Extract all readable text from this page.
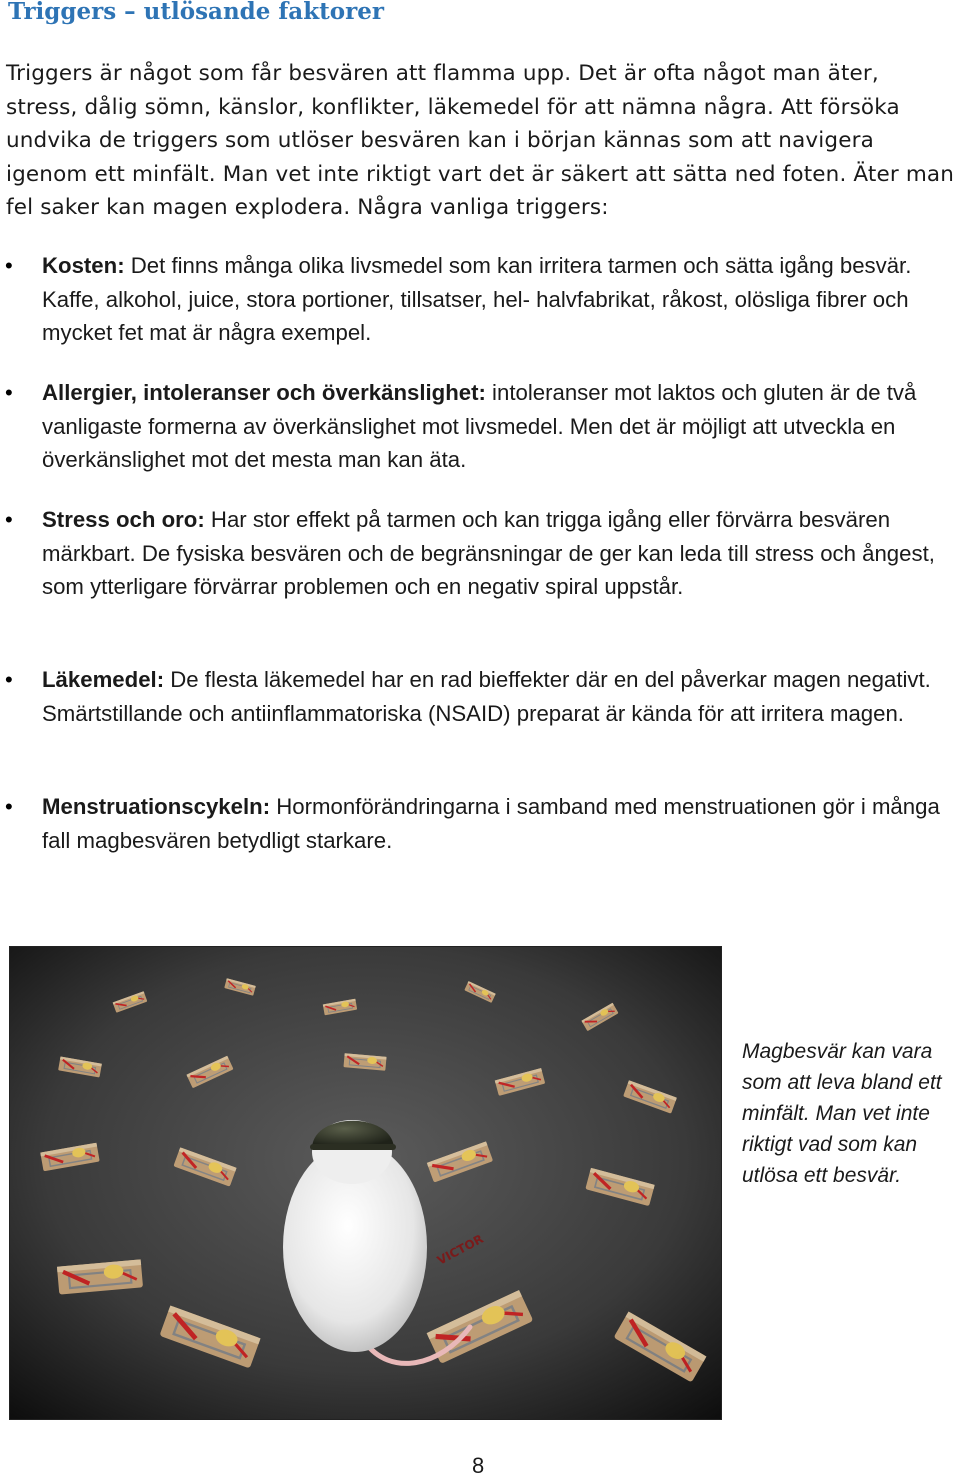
Triggers – utlösande faktorer

Triggers är något som får besvären att flamma upp. Det är ofta något man äter, stress, dålig sömn, känslor, konflikter, läkemedel för att nämna några. Att försöka undvika de triggers som utlöser besvären kan i början kännas som att navigera igenom ett minfält. Man vet inte riktigt vart det är säkert att sätta ned foten. Äter man fel saker kan magen explodera. Några vanliga triggers:

• Kosten: Det finns många olika livsmedel som kan irritera tarmen och sätta igång besvär. Kaffe, alkohol, juice, stora portioner, tillsatser, hel- halvfabrikat, råkost, olösliga fibrer och mycket fet mat är några exempel.
• Allergier, intoleranser och överkänslighet: intoleranser mot laktos och gluten är de två vanligaste formerna av överkänslighet mot livsmedel. Men det är möjligt att utveckla en överkänslighet mot det mesta man kan äta.
• Stress och oro: Har stor effekt på tarmen och kan trigga igång eller förvärra besvären märkbart. De fysiska besvären och de begränsningar de ger kan leda till stress och ångest, som ytterligare förvärrar problemen och en negativ spiral uppstår.
• Läkemedel: De flesta läkemedel har en rad bieffekter där en del påverkar magen negativt. Smärtstillande och antiinflammatoriska (NSAID) preparat är kända för att irritera magen.
• Menstruationscykeln: Hormonförändringarna i samband med menstruationen gör i många fall magbesvären betydligt starkare.
VICTOR

Magbesvär kan vara som att leva bland ett minfält. Man vet inte riktigt vad som kan utlösa ett besvär.

8
